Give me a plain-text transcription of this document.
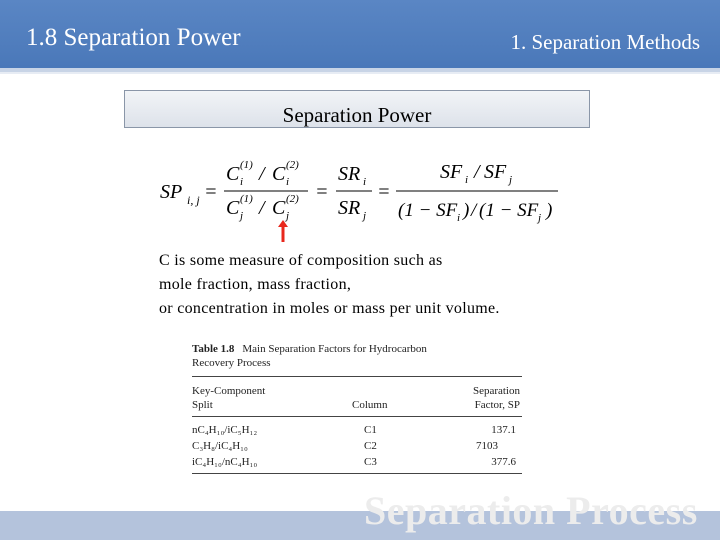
1.8 Separation Power	1. Separation Methods
Separation Power
SP i, j =
C (1)
i / C (2)
i
C (1)
j / C (2)
j
=
SR i
SR j
=
SF i / SF j
(1 − SF i ) / (1 − SF j )
C is some measure of composition such as
mole fraction, mass fraction,
or concentration in moles or mass per unit volume.
Table 1.8 Main Separation Factors for Hydrocarbon
Recovery Process
Key-Component
Split	Column
Separation
Factor, SP
nC₄H₁₀/iC₅H₁₂	C1	137.1
C₃H₈/iC₄H₁₀	C2	7103
iC₄H₁₀/nC₄H₁₀	C3	377.6
Separation Process
